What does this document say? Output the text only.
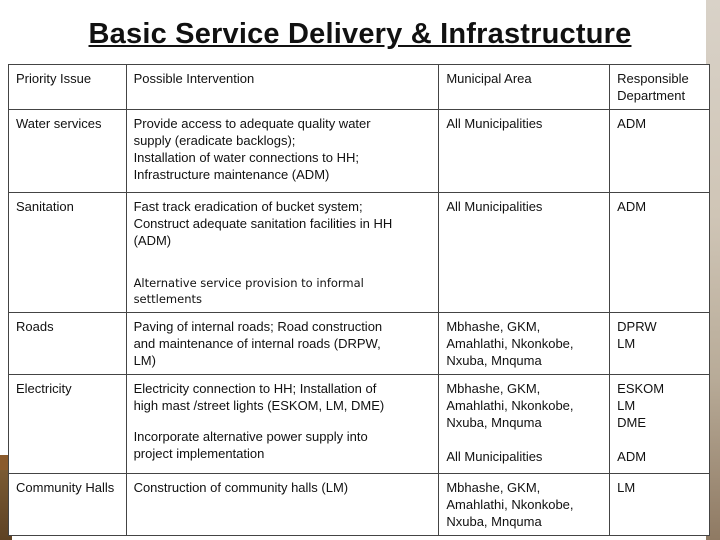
Basic Service Delivery & Infrastructure
Priority Issue	Possible Intervention	Municipal Area	Responsible Department
Water services	Provide access to adequate quality water
supply (eradicate backlogs);
Installation of water connections to HH;
Infrastructure maintenance (ADM)	All Municipalities	ADM
Sanitation	Fast track eradication of bucket system;
Construct adequate sanitation facilities in HH
(ADM)
Alternative service provision to informal
settlements	All Municipalities	ADM
Roads	Paving of internal roads; Road construction
and maintenance of internal roads (DRPW,
LM)	Mbhashe, GKM,
Amahlathi, Nkonkobe,
Nxuba, Mnquma	DPRW
LM

Electricity	Electricity connection to HH; Installation of
high mast /street lights (ESKOM, LM, DME)
Incorporate alternative power supply into
project implementation	Mbhashe, GKM,
Amahlathi, Nkonkobe,
Nxuba, Mnquma
All Municipalities	ESKOM
LM
DME
ADM

Community Halls	Construction of community halls (LM)	Mbhashe, GKM,
Amahlathi, Nkonkobe,
Nxuba, Mnquma	LM
